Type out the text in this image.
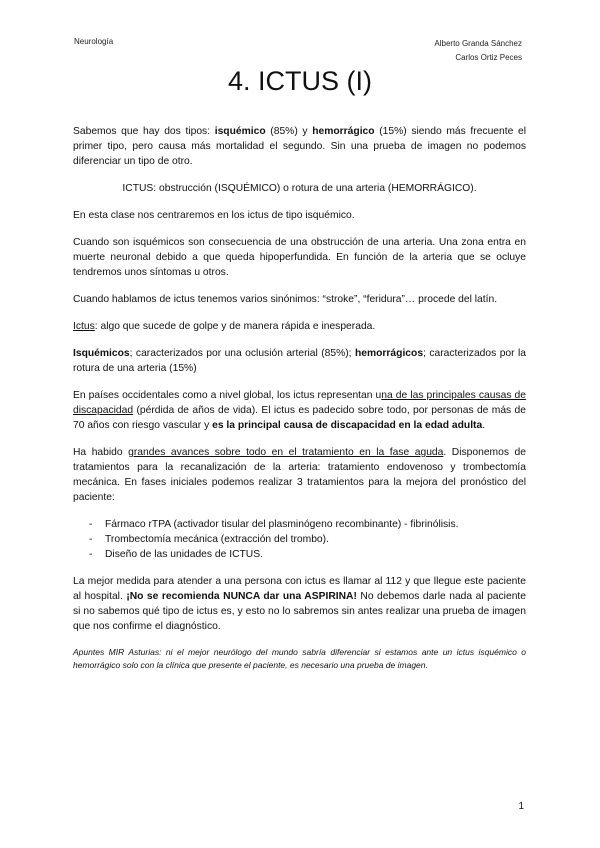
Neurología	Alberto Granda Sánchez
Carlos Ortiz Peces
4. ICTUS (I)

Sabemos que hay dos tipos: isquémico (85%) y hemorrágico (15%) siendo más frecuente el primer tipo, pero causa más mortalidad el segundo. Sin una prueba de imagen no podemos diferenciar un tipo de otro.

ICTUS: obstrucción (ISQUÉMICO) o rotura de una arteria (HEMORRÁGICO).

En esta clase nos centraremos en los ictus de tipo isquémico.

Cuando son isquémicos son consecuencia de una obstrucción de una arteria. Una zona entra en muerte neuronal debido a que queda hipoperfundida. En función de la arteria que se ocluye tendremos unos síntomas u otros.

Cuando hablamos de ictus tenemos varios sinónimos: “stroke”, “feridura”… procede del latín.

Ictus: algo que sucede de golpe y de manera rápida e inesperada.

Isquémicos; caracterizados por una oclusión arterial (85%); hemorrágicos; caracterizados por la rotura de una arteria (15%)

En países occidentales como a nivel global, los ictus representan una de las principales causas de discapacidad (pérdida de años de vida). El ictus es padecido sobre todo, por personas de más de 70 años con riesgo vascular y es la principal causa de discapacidad en la edad adulta.

Ha habido grandes avances sobre todo en el tratamiento en la fase aguda. Disponemos de tratamientos para la recanalización de la arteria: tratamiento endovenoso y trombectomía mecánica. En fases iniciales podemos realizar 3 tratamientos para la mejora del pronóstico del paciente:

- Fármaco rTPA (activador tisular del plasminógeno recombinante) - fibrinólisis.
- Trombectomía mecánica (extracción del trombo).
- Diseño de las unidades de ICTUS.

La mejor medida para atender a una persona con ictus es llamar al 112 y que llegue este paciente al hospital. ¡No se recomienda NUNCA dar una ASPIRINA! No debemos darle nada al paciente si no sabemos qué tipo de ictus es, y esto no lo sabremos sin antes realizar una prueba de imagen que nos confirme el diagnóstico.

Apuntes MIR Asturias: ni el mejor neurólogo del mundo sabría diferenciar si estamos ante un ictus isquémico o hemorrágico solo con la clínica que presente el paciente, es necesario una prueba de imagen.

1
